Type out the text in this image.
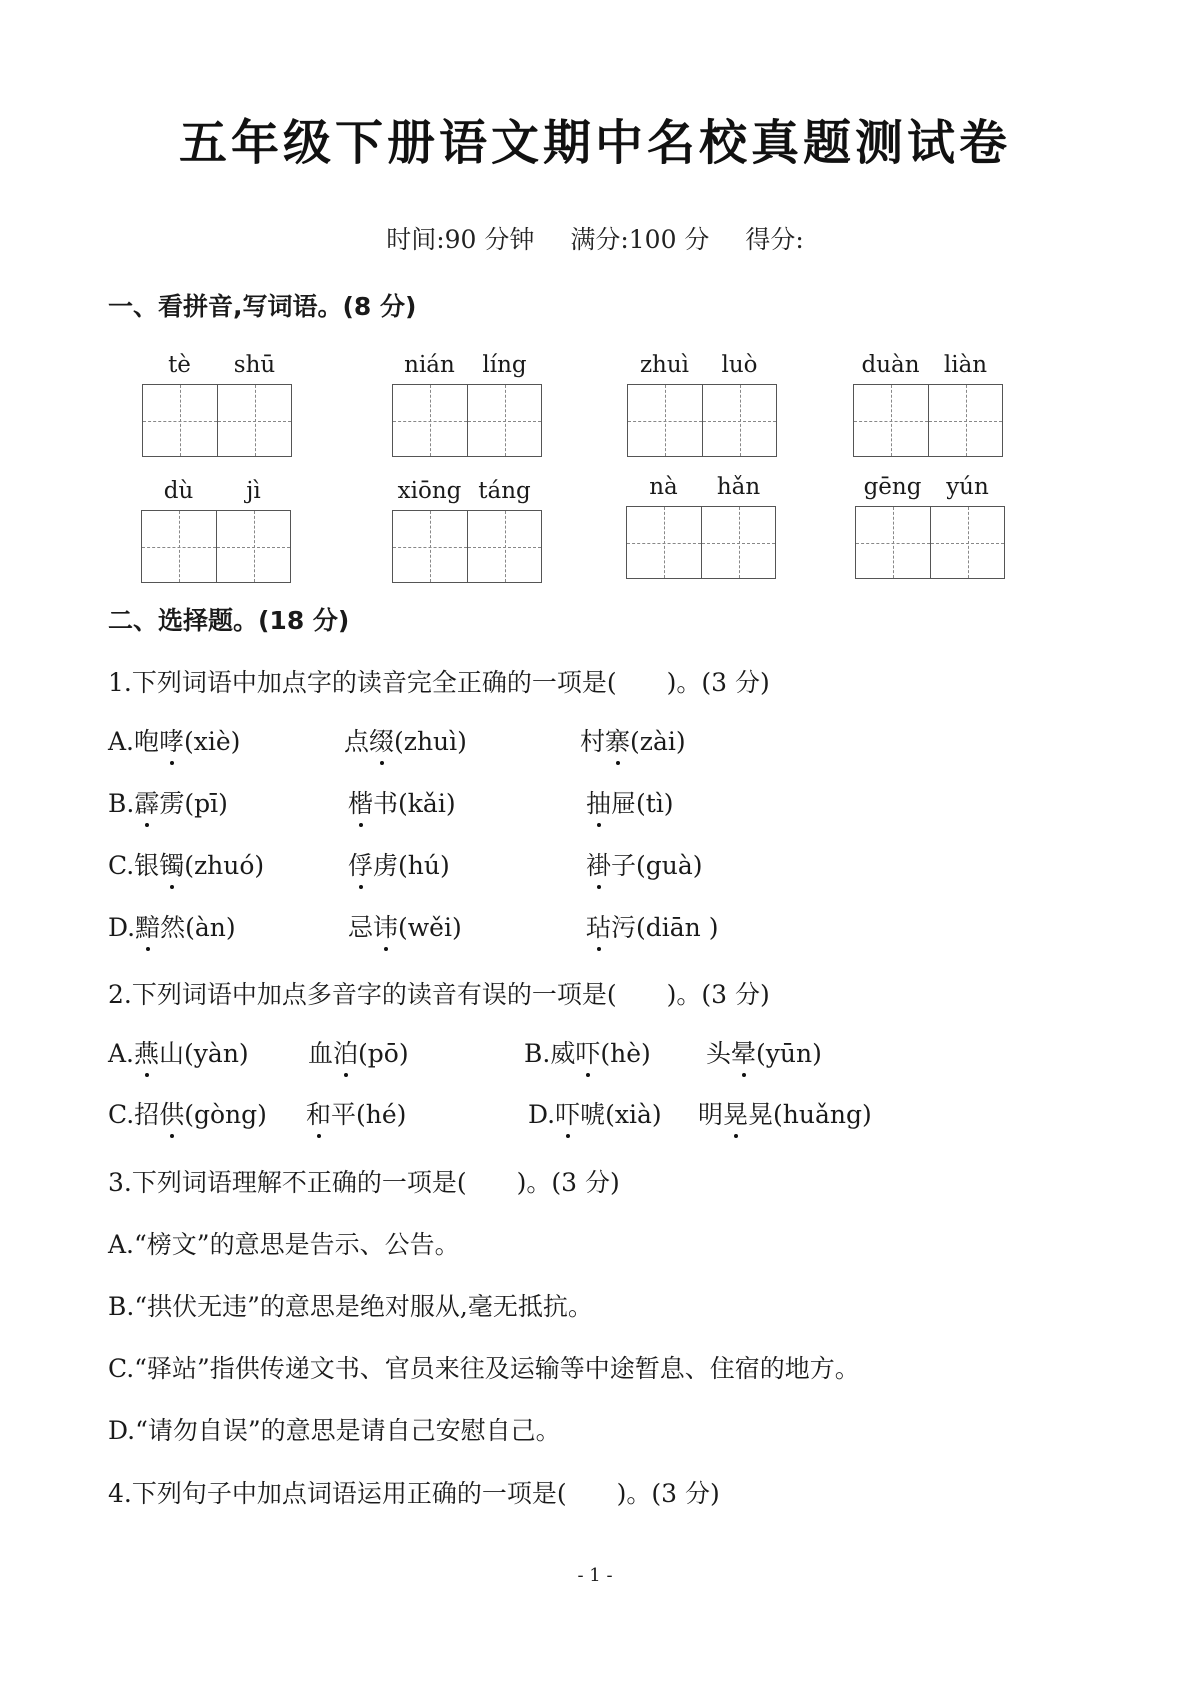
五年级下册语文期中名校真题测试卷
时间:90 分钟 满分:100 分 得分:
一、看拼音,写词语。(8 分)
tè	shū	nián	líng	zhuì	luò	duàn	liàn
dù	jì	xiōng táng	nà	hǎn	gēng	yún
二、选择题。(18 分)
1.下列词语中加点字的读音完全正确的一项是(　　)。(3 分)
A.咆哮(xiè)	点缀(zhuì)	村寨(zài)
B.霹雳(pī)	楷书(kǎi)	抽屉(tì)
C.银镯(zhuó)	俘虏(hú)	褂子(guà)
D.黯然(àn)	忌讳(wěi)	玷污(diān )
2.下列词语中加点多音字的读音有误的一项是(　　)。(3 分)
A.燕山(yàn) 血泊(pō)	B.威吓(hè) 头晕(yūn)
C.招供(gòng) 和平(hé)	D.吓唬(xià) 明晃晃(huǎng)
3.下列词语理解不正确的一项是(　　)。(3 分)
A.“榜文”的意思是告示、公告。
B.“拱伏无违”的意思是绝对服从,毫无抵抗。
C.“驿站”指供传递文书、官员来往及运输等中途暂息、住宿的地方。
D.“请勿自误”的意思是请自己安慰自己。
4.下列句子中加点词语运用正确的一项是(　　)。(3 分)
- 1 -
